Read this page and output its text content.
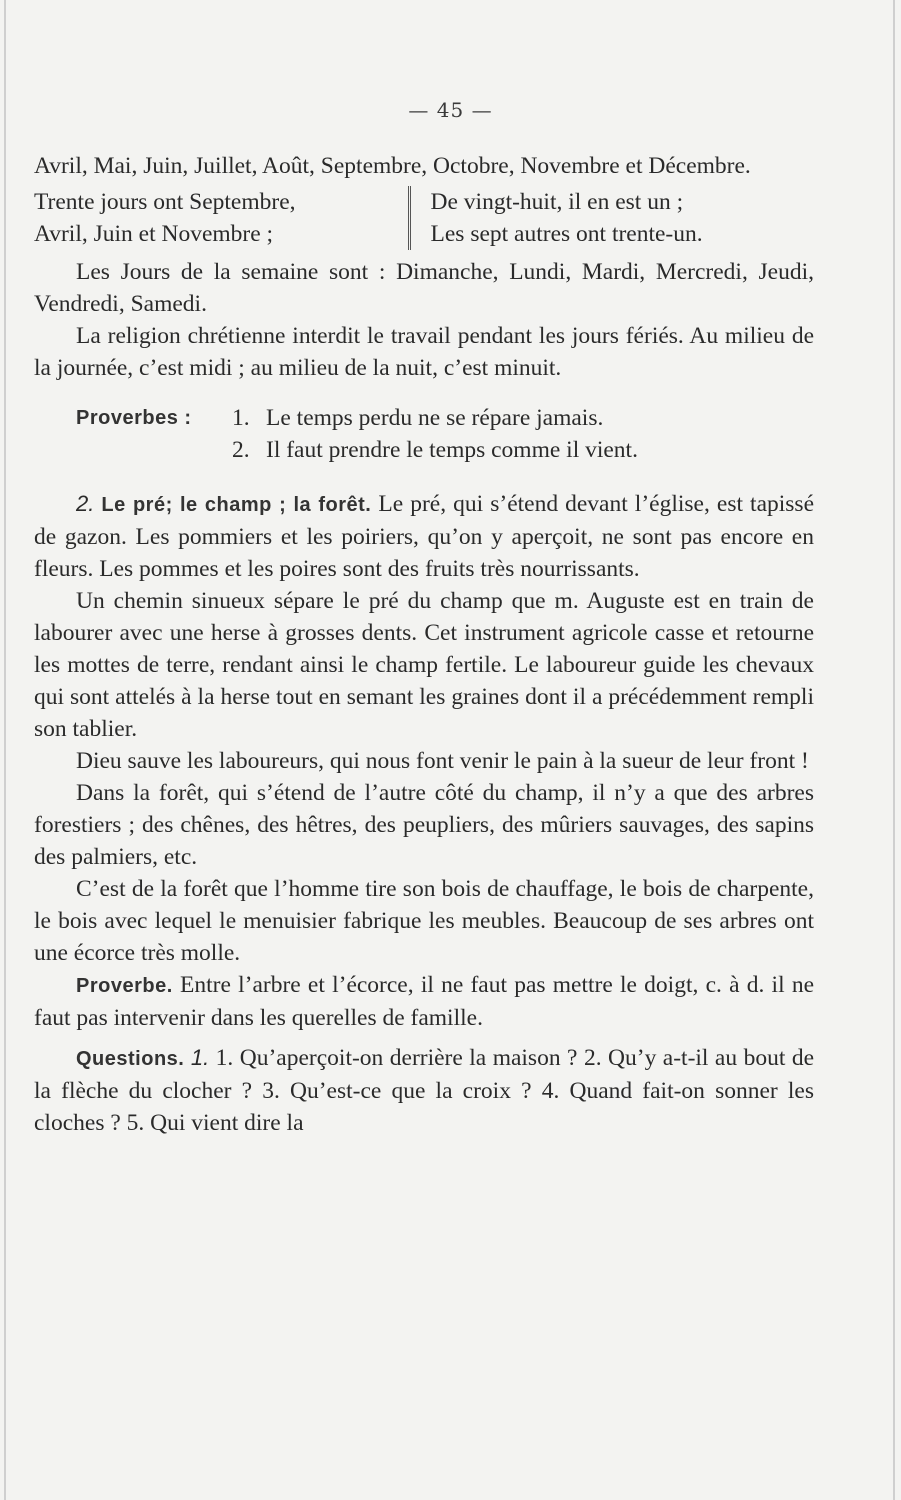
— 45 —

Avril, Mai, Juin, Juillet, Août, Septembre, Octobre, Novembre et Décembre.

Trente jours ont Septembre,
Avril, Juin et Novembre ;
De vingt-huit, il en est un ;
Les sept autres ont trente-un.

Les Jours de la semaine sont : Dimanche, Lundi, Mardi, Mercredi, Jeudi, Vendredi, Samedi.

La religion chrétienne interdit le travail pendant les jours fériés. Au milieu de la journée, c’est midi ; au milieu de la nuit, c’est minuit.

Proverbes :	1. Le temps perdu ne se répare jamais.
2. Il faut prendre le temps comme il vient.

2. Le pré; le champ ; la forêt. Le pré, qui s’étend devant l’église, est tapissé de gazon. Les pommiers et les poiriers, qu’on y aperçoit, ne sont pas encore en fleurs. Les pommes et les poires sont des fruits très nourrissants.

Un chemin sinueux sépare le pré du champ que m. Auguste est en train de labourer avec une herse à grosses dents. Cet instrument agricole casse et retourne les mottes de terre, rendant ainsi le champ fertile. Le laboureur guide les chevaux qui sont attelés à la herse tout en semant les graines dont il a précédemment rempli son tablier.

Dieu sauve les laboureurs, qui nous font venir le pain à la sueur de leur front !

Dans la forêt, qui s’étend de l’autre côté du champ, il n’y a que des arbres forestiers ; des chênes, des hêtres, des peupliers, des mûriers sauvages, des sapins des palmiers, etc.

C’est de la forêt que l’homme tire son bois de chauffage, le bois de charpente, le bois avec lequel le menuisier fabrique les meubles. Beaucoup de ses arbres ont une écorce très molle.

Proverbe. Entre l’arbre et l’écorce, il ne faut pas mettre le doigt, c. à d. il ne faut pas intervenir dans les querelles de famille.

Questions. 1. 1. Qu’aperçoit-on derrière la maison ? 2. Qu’y a-t-il au bout de la flèche du clocher ? 3. Qu’est-ce que la croix ? 4. Quand fait-on sonner les cloches ? 5. Qui vient dire la
